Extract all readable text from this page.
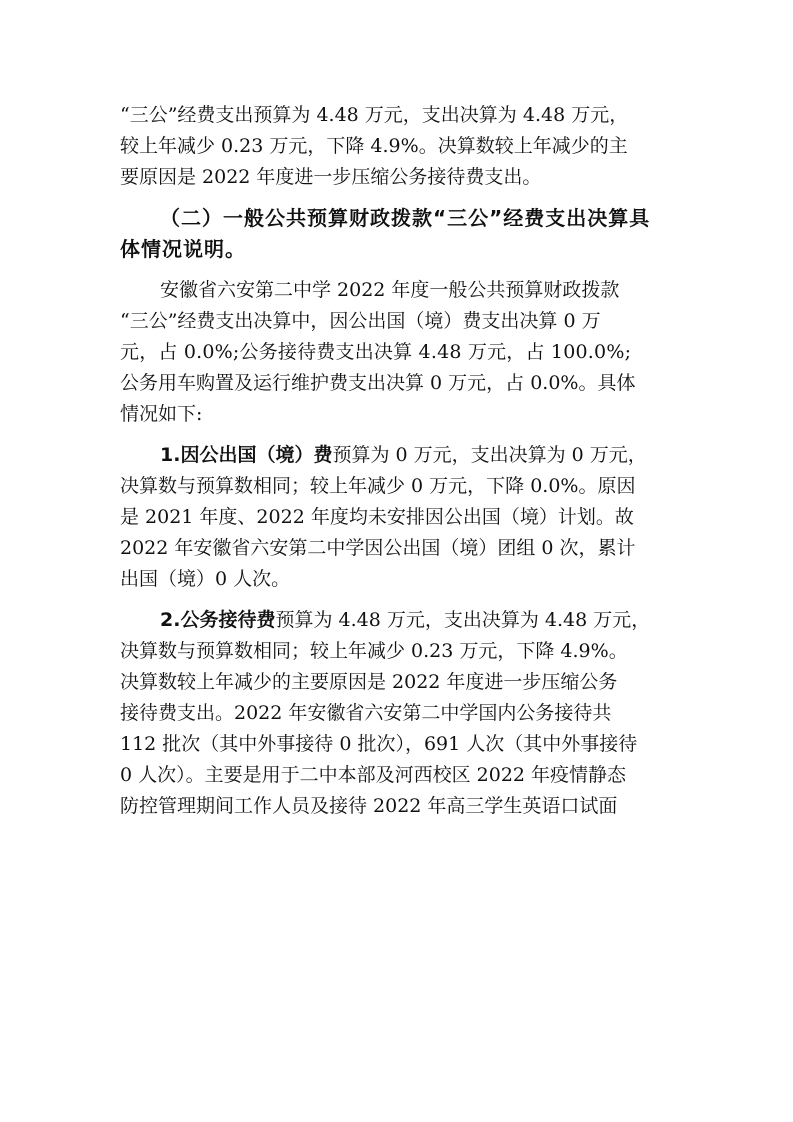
“三公”经费支出预算为 4.48 万元，支出决算为 4.48 万元，
较上年减少 0.23 万元，下降 4.9%。决算数较上年减少的主
要原因是 2022 年度进一步压缩公务接待费支出。
（二）一般公共预算财政拨款“三公”经费支出决算具
体情况说明。
安徽省六安第二中学 2022 年度一般公共预算财政拨款
“三公”经费支出决算中，因公出国（境）费支出决算 0 万
元，占 0.0%;公务接待费支出决算 4.48 万元，占 100.0%;
公务用车购置及运行维护费支出决算 0 万元，占 0.0%。具体
情况如下:
1.因公出国（境）费预算为 0 万元，支出决算为 0 万元，
决算数与预算数相同；较上年减少 0 万元，下降 0.0%。原因
是 2021 年度、2022 年度均未安排因公出国（境）计划。故
2022 年安徽省六安第二中学因公出国（境）团组 0 次，累计
出国（境）0 人次。
2.公务接待费预算为 4.48 万元，支出决算为 4.48 万元，
决算数与预算数相同；较上年减少 0.23 万元，下降 4.9%。
决算数较上年减少的主要原因是 2022 年度进一步压缩公务
接待费支出。2022 年安徽省六安第二中学国内公务接待共
112 批次（其中外事接待 0 批次），691 人次（其中外事接待
0 人次）。主要是用于二中本部及河西校区 2022 年疫情静态
防控管理期间工作人员及接待 2022 年高三学生英语口试面
